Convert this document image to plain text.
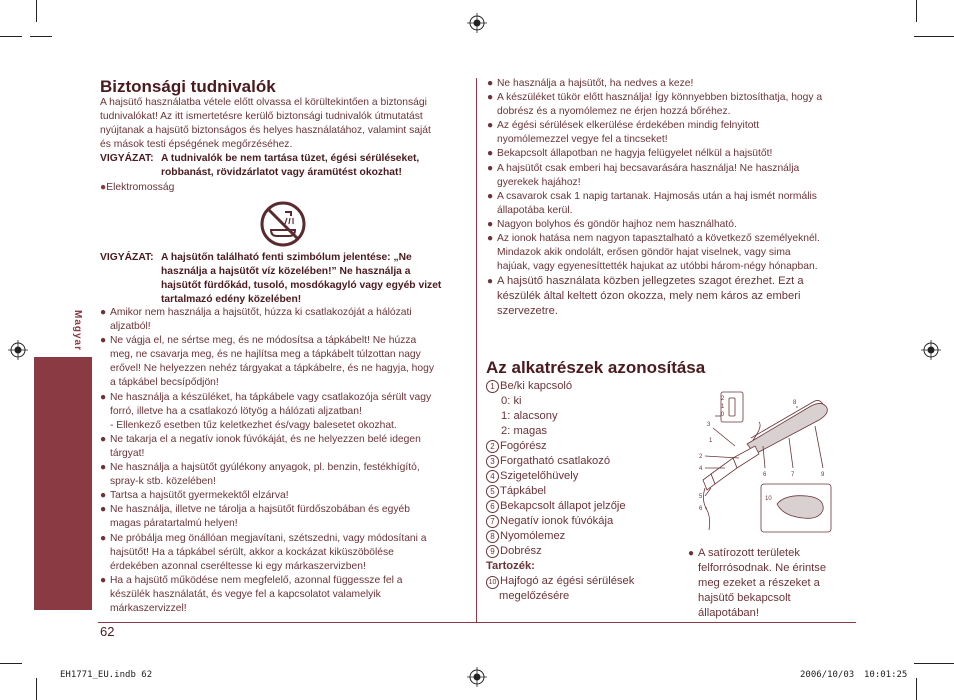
Magyar
Biztonsági tudnivalók
A hajsütő használatba vétele előtt olvassa el körültekintően a biztonsági
tudnivalókat! Az itt ismertetésre kerülő biztonsági tudnivalók útmutatást
nyújtanak a hajsütő biztonságos és helyes használatához, valamint saját
és mások testi épségének megőrzéséhez.
VIGYÁZAT: A tudnivalók be nem tartása tüzet, égési sérüléseket,
robbanást, rövidzárlatot vagy áramütést okozhat!
●Elektromosság
VIGYÁZAT: A hajsütőn található fenti szimbólum jelentése: „Ne
használja a hajsütőt víz közelében!” Ne használja a
hajsütőt fürdőkád, tusoló, mosdókagyló vagy egyéb vizet
tartalmazó edény közelében!
● Amikor nem használja a hajsütőt, húzza ki csatlakozóját a hálózati
aljzatból!
● Ne vágja el, ne sértse meg, és ne módosítsa a tápkábelt! Ne húzza
meg, ne csavarja meg, és ne hajlítsa meg a tápkábelt túlzottan nagy
erővel! Ne helyezzen nehéz tárgyakat a tápkábelre, és ne hagyja, hogy
a tápkábel becsípődjön!
● Ne használja a készüléket, ha tápkábele vagy csatlakozója sérült vagy
forró, illetve ha a csatlakozó lötyög a hálózati aljzatban!
- Ellenkező esetben tűz keletkezhet és/vagy balesetet okozhat.
● Ne takarja el a negatív ionok fúvókáját, és ne helyezzen belé idegen
tárgyat!
● Ne használja a hajsütőt gyúlékony anyagok, pl. benzin, festékhígító,
spray-k stb. közelében!
● Tartsa a hajsütőt gyermekektől elzárva!
● Ne használja, illetve ne tárolja a hajsütőt fürdőszobában és egyéb
magas páratartalmú helyen!
● Ne próbálja meg önállóan megjavítani, szétszedni, vagy módosítani a
hajsütőt! Ha a tápkábel sérült, akkor a kockázat kiküszöbölése
érdekében azonnal cseréltesse ki egy márkaszervizben!
● Ha a hajsütő működése nem megfelelő, azonnal függessze fel a
készülék használatát, és vegye fel a kapcsolatot valamelyik
márkaszervizzel!
62
● Ne használja a hajsütőt, ha nedves a keze!
● A készüléket tükör előtt használja! Így könnyebben biztosíthatja, hogy a
dobrész és a nyomólemez ne érjen hozzá bőréhez.
● Az égési sérülések elkerülése érdekében mindig felnyitott
nyomólemezzel vegye fel a tincseket!
● Bekapcsolt állapotban ne hagyja felügyelet nélkül a hajsütőt!
● A hajsütőt csak emberi haj becsavarására használja! Ne használja
gyerekek hajához!
● A csavarok csak 1 napig tartanak. Hajmosás után a haj ismét normális
állapotába kerül.
● Nagyon bolyhos és göndör hajhoz nem használható.
● Az ionok hatása nem nagyon tapasztalható a következő személyeknél.
Mindazok akik ondolált, erősen göndör hajat viselnek, vagy sima
hajúak, vagy egyenesíttették hajukat az utóbbi három-négy hónapban.
● A hajsütő használata közben jellegzetes szagot érezhet. Ezt a
készülék által keltett ózon okozza, mely nem káros az emberi
szervezetre.
Az alkatrészek azonosítása
1 Be/ki kapcsoló
0: ki
1: alacsony
2: magas
2 Fogórész
3 Forgatható csatlakozó
4 Szigetelőhüvely
5 Tápkábel
6 Bekapcsolt állapot jelzője
7 Negatív ionok fúvókája
8 Nyomólemez
9 Dobrész
Tartozék:
10 Hajfogó az égési sérülések
megelőzésére
2
1
0
3
1
2
4
5
6
8
9
7
6
10
● A satírozott területek
felforrósodnak. Ne érintse
meg ezeket a részeket a
hajsütő bekapcsolt
állapotában!
EH1771_EU.indb 62	2006/10/03 10:01:25
